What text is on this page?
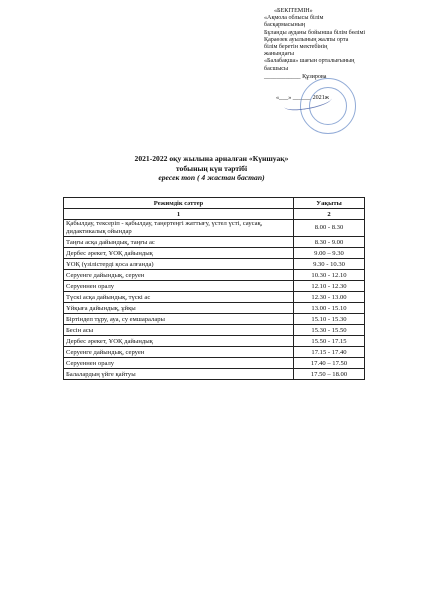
«БЕКІТЕМІН»
«Ақмола облысы білім
басқармасының
Бұланды ауданы бойынша білім бөлімі
Қараөзек ауылының жалпы орта
білім беретін мектебінің
жанындағы
«Балабақша» шағын орталығының
басшысы
____________ Құзирова
«___» ______ 2021ж
2021-2022 оқу жылына арналған «Күншуақ»
тобының күн тәртібі
ересек топ ( 4 жастан бастап)
Режимдік сәттер	Уақыты
1	2
Қабылдау, тексеріп - қабылдау, таңертеңгі жаттығу, үстел үсті, саусақ, дидактикалық ойындар	8.00 - 8.30
Таңғы асқа дайындық, таңғы ас	8.30 - 9.00
Дербес әрекет, ҰОҚ дайындық	9.00 – 9.30
ҰОҚ (үзілістерді қоса алғанда)	9.30 - 10.30
Серуенге дайындық, серуен	10.30 - 12.10
Серуеннен оралу	12.10 - 12.30
Түскі асқа дайындық, түскі ас	12.30 - 13.00
Ұйқыға дайындық, ұйқы	13.00 - 15.10
Біртіндеп тұру, ауа, су емшаралары	15.10 - 15.30
Бесін асы	15.30 - 15.50
Дербес әрекет, ҰОҚ дайындық	15.50 - 17.15
Серуенге дайындық, серуен	17.15 - 17.40
Серуеннен оралу	17.40 – 17.50
Балалардың үйге қайтуы	17.50 – 18.00
